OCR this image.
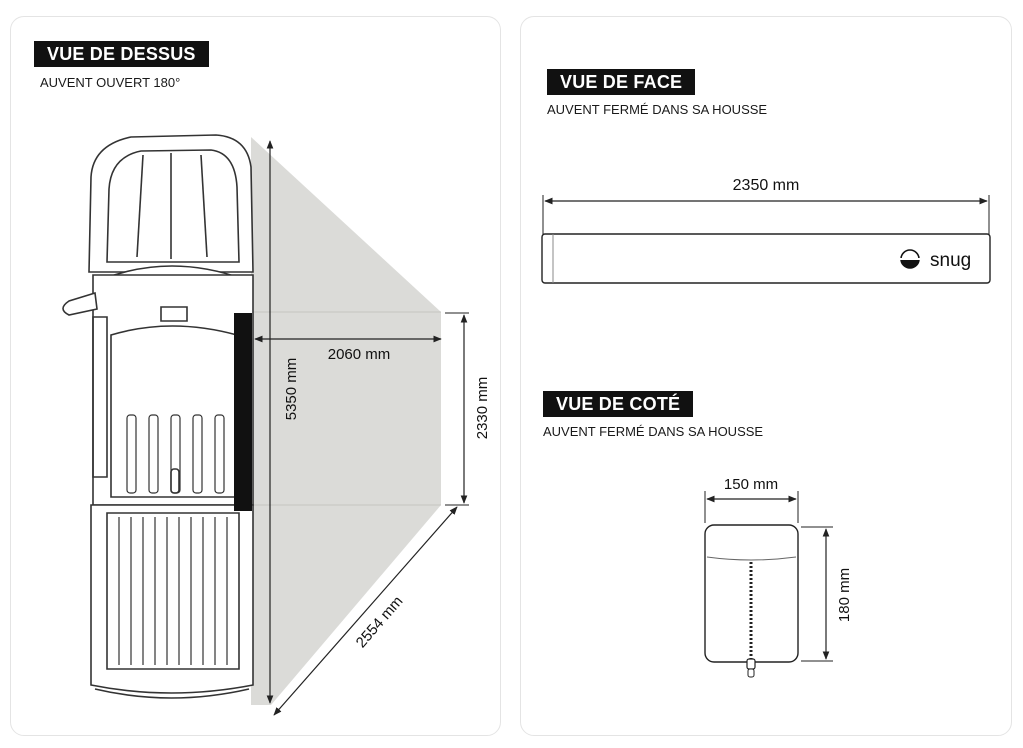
VUE DE DESSUS
AUVENT OUVERT 180°
5350 mm
2060 mm
2330 mm
2554 mm
VUE DE FACE
AUVENT FERMÉ DANS SA HOUSSE
VUE DE COTÉ
AUVENT FERMÉ DANS SA HOUSSE
2350 mm
snug
150 mm
180 mm
